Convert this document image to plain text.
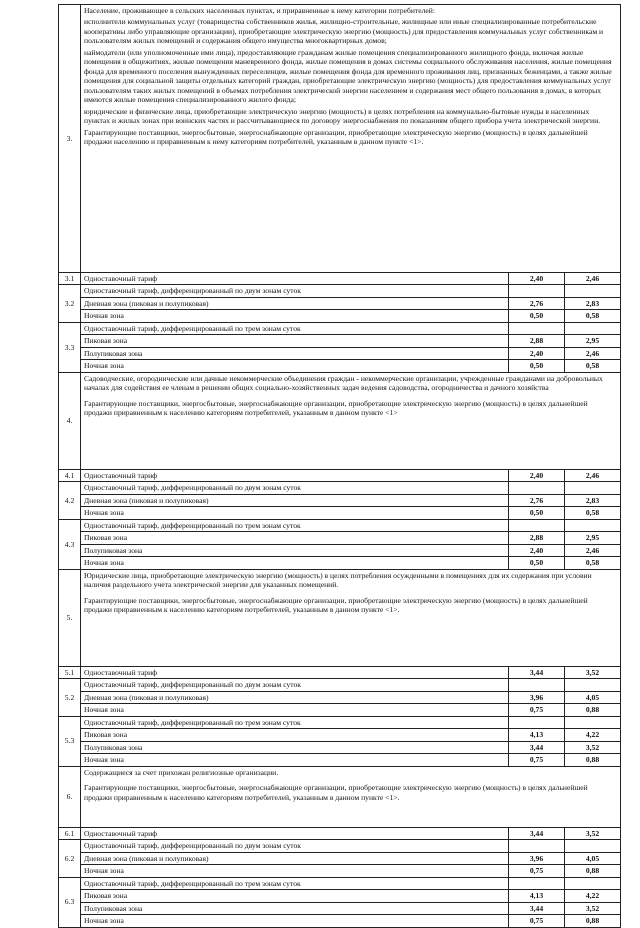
3.	Население, проживающее в сельских населенных пунктах, и приравненные к нему категории потребителей:
исполнители коммунальных услуг (товарищества собственников жилья, жилищно-строительные, жилищные или иные специализированные потребительские кооперативы либо управляющие организации), приобретающие электрическую энергию (мощность) для предоставления коммунальных услуг собственникам и пользователям жилых помещений и содержания общего имущества многоквартирных домов;
наймодатели (или уполномоченные ими лица), предоставляющие гражданам жилые помещения специализированного жилищного фонда, включая жилые помещения в общежитиях, жилые помещения маневренного фонда, жилые помещения в домах системы социального обслуживания населения, жилые помещения фонда для временного поселения вынужденных переселенцев, жилые помещения фонда для временного проживания лиц, признанных беженцами, а также жилые помещения для социальной защиты отдельных категорий граждан, приобретающие электрическую энергию (мощность) для предоставления коммунальных услуг пользователям таких жилых помещений в объемах потребления электрической энергии населением и содержания мест общего пользования в домах, в которых имеются жилые помещения специализированного жилого фонда;
юридические и физические лица, приобретающие электрическую энергию (мощность) в целях потребления на коммунально-бытовые нужды в населенных пунктах и жилых зонах при воинских частях и рассчитывающиеся по договору энергоснабжения по показаниям общего прибора учета электрической энергии.
Гарантирующие поставщики, энергосбытовые, энергоснабжающие организации, приобретающие электрическую энергию (мощность) в целях дальнейшей продажи населению и приравненным к нему категориям потребителей, указанным в данном пункте <1>.		

3.1	Одноставочный тариф	2,40	2,46
3.2	Одноставочный тариф, дифференцированный по двум зонам суток		
	Дневная зона (пиковая и полупиковая)	2,76	2,83
	Ночная зона	0,50	0,58
3.3	Одноставочный тариф, дифференцированный по трем зонам суток		
	Пиковая зона	2,88	2,95
	Полупиковая зона	2,40	2,46
	Ночная зона	0,50	0,58
4.	Садоводческие, огороднические или дачные некоммерческие объединения граждан - некоммерческие организации, учрежденные гражданами на добровольных началах для содействия ее членам в решении общих социально-хозяйственных задач ведения садоводства, огородничества и дачного хозяйства
Гарантирующие поставщики, энергосбытовые, энергоснабжающие организации, приобретающие электрическую энергию (мощность) в целях дальнейшей продажи приравненным к населению категориям потребителей, указанным в данном пункте <1>		

4.1	Одноставочный тариф	2,40	2,46
4.2	Одноставочный тариф, дифференцированный по двум зонам суток		
	Дневная зона (пиковая и полупиковая)	2,76	2,83
	Ночная зона	0,50	0,58
4.3	Одноставочный тариф, дифференцированный по трем зонам суток		
	Пиковая зона	2,88	2,95
	Полупиковая зона	2,40	2,46
	Ночная зона	0,50	0,58
5.	Юридические лица, приобретающие электрическую энергию (мощность) в целях потребления осужденными в помещениях для их содержания при условии наличия раздельного учета электрической энергии для указанных помещений.
Гарантирующие поставщики, энергосбытовые, энергоснабжающие организации, приобретающие электрическую энергию (мощность) в целях дальнейшей продажи приравненным к населению категориям потребителей, указанным в данном пункте <1>.		

5.1	Одноставочный тариф	3,44	3,52
5.2	Одноставочный тариф, дифференцированный по двум зонам суток		
	Дневная зона (пиковая и полупиковая)	3,96	4,05
	Ночная зона	0,75	0,88
5.3	Одноставочный тариф, дифференцированный по трем зонам суток		
	Пиковая зона	4,13	4,22
	Полупиковая зона	3,44	3,52
	Ночная зона	0,75	0,88
6.	Содержащиеся за счет прихожан религиозные организации.
Гарантирующие поставщики, энергосбытовые, энергоснабжающие организации, приобретающие электрическую энергию (мощность) в целях дальнейшей продажи приравненным к населению категориям потребителей, указанным в данном пункте <1>.		

6.1	Одноставочный тариф	3,44	3,52
6.2	Одноставочный тариф, дифференцированный по двум зонам суток		
	Дневная зона (пиковая и полупиковая)	3,96	4,05
	Ночная зона	0,75	0,88
6.3	Одноставочный тариф, дифференцированный по трем зонам суток		
	Пиковая зона	4,13	4,22
	Полупиковая зона	3,44	3,52
	Ночная зона	0,75	0,88
